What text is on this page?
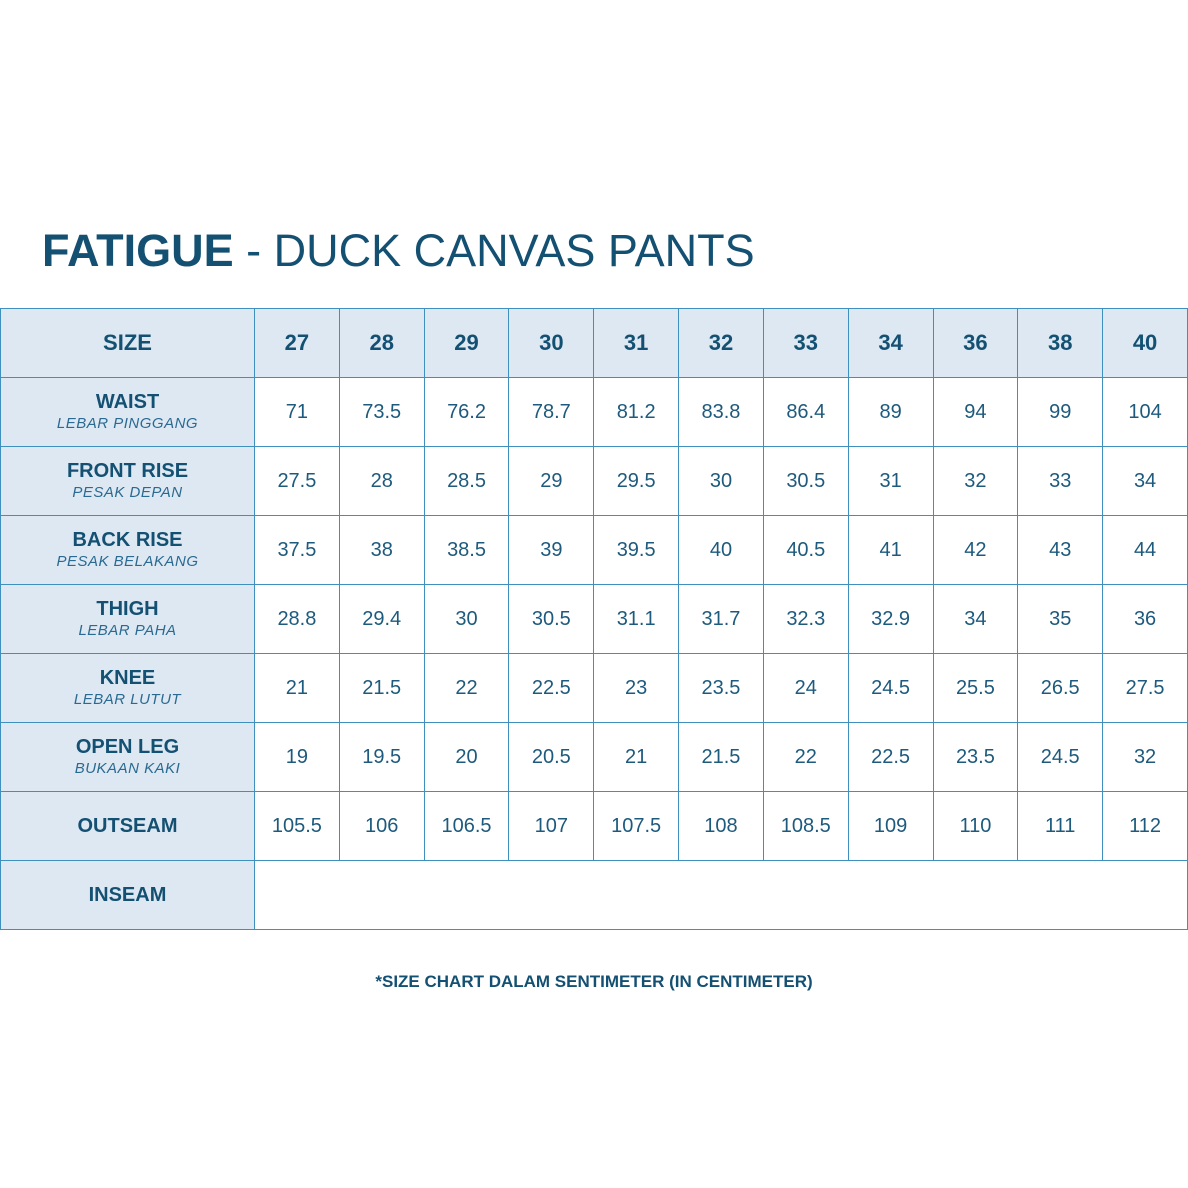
FATIGUE - DUCK CANVAS PANTS
SIZE	27	28	29	30	31	32	33	34	36	38	40

WAIST
LEBAR PINGGANG	71	73.5	76.2	78.7	81.2	83.8	86.4	89	94	99	104

FRONT RISE
PESAK DEPAN	27.5	28	28.5	29	29.5	30	30.5	31	32	33	34

BACK RISE
PESAK BELAKANG	37.5	38	38.5	39	39.5	40	40.5	41	42	43	44

THIGH
LEBAR PAHA	28.8	29.4	30	30.5	31.1	31.7	32.3	32.9	34	35	36

KNEE
LEBAR LUTUT	21	21.5	22	22.5	23	23.5	24	24.5	25.5	26.5	27.5

OPEN LEG
BUKAAN KAKI	19	19.5	20	20.5	21	21.5	22	22.5	23.5	24.5	32

OUTSEAM	105.5	106	106.5	107	107.5	108	108.5	109	110	111	112

INSEAM											

*SIZE CHART DALAM SENTIMETER (IN CENTIMETER)
